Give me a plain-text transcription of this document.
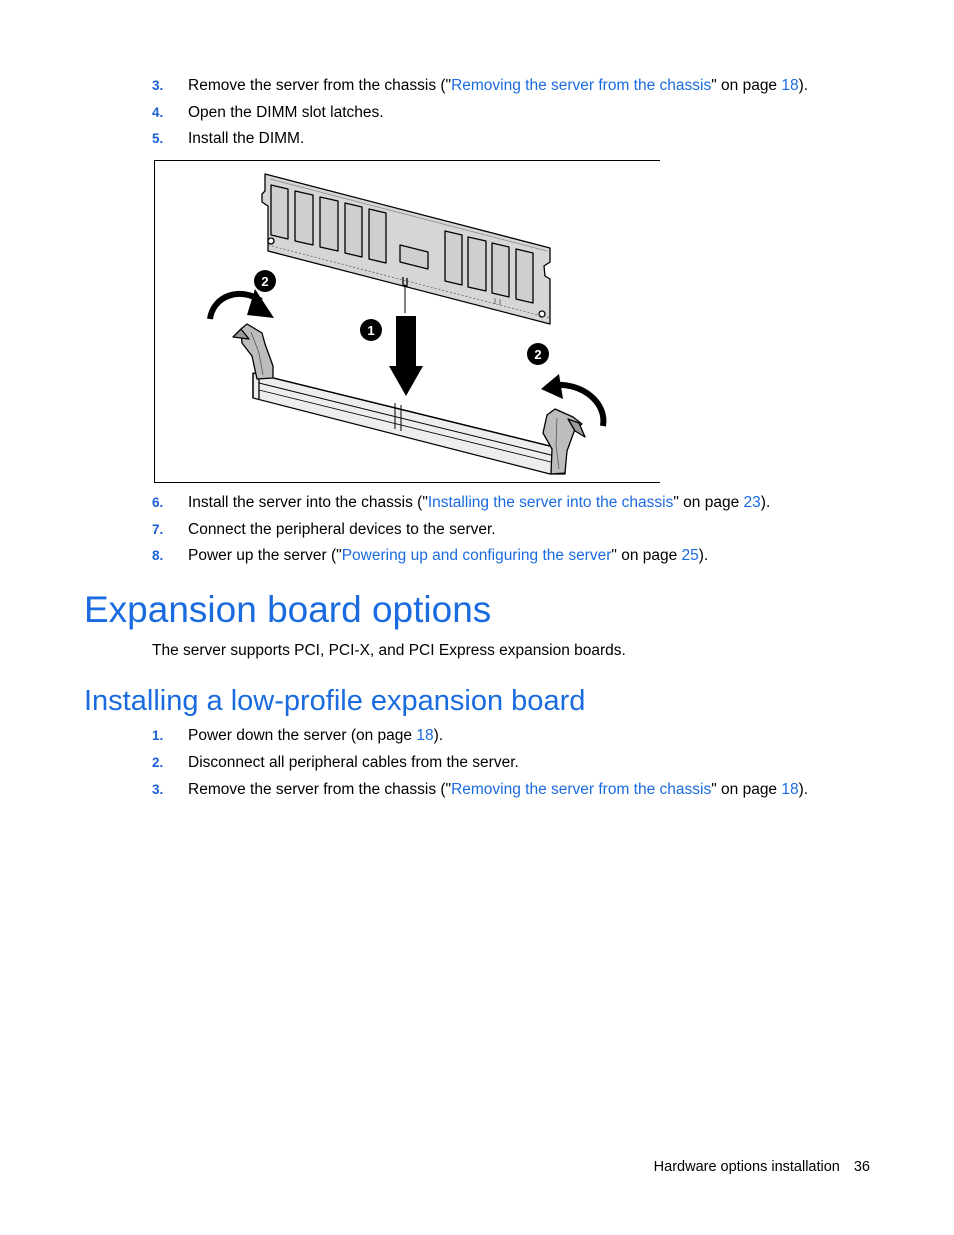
3. Remove the server from the chassis ("Removing the server from the chassis" on page 18).
4. Open the DIMM slot latches.
5. Install the DIMM.
2
1
2
6. Install the server into the chassis ("Installing the server into the chassis" on page 23).
7. Connect the peripheral devices to the server.
8. Power up the server ("Powering up and configuring the server" on page 25).
Expansion board options
The server supports PCI, PCI-X, and PCI Express expansion boards.
Installing a low-profile expansion board
1. Power down the server (on page 18).
2. Disconnect all peripheral cables from the server.
3. Remove the server from the chassis ("Removing the server from the chassis" on page 18).
Hardware options installation 36
